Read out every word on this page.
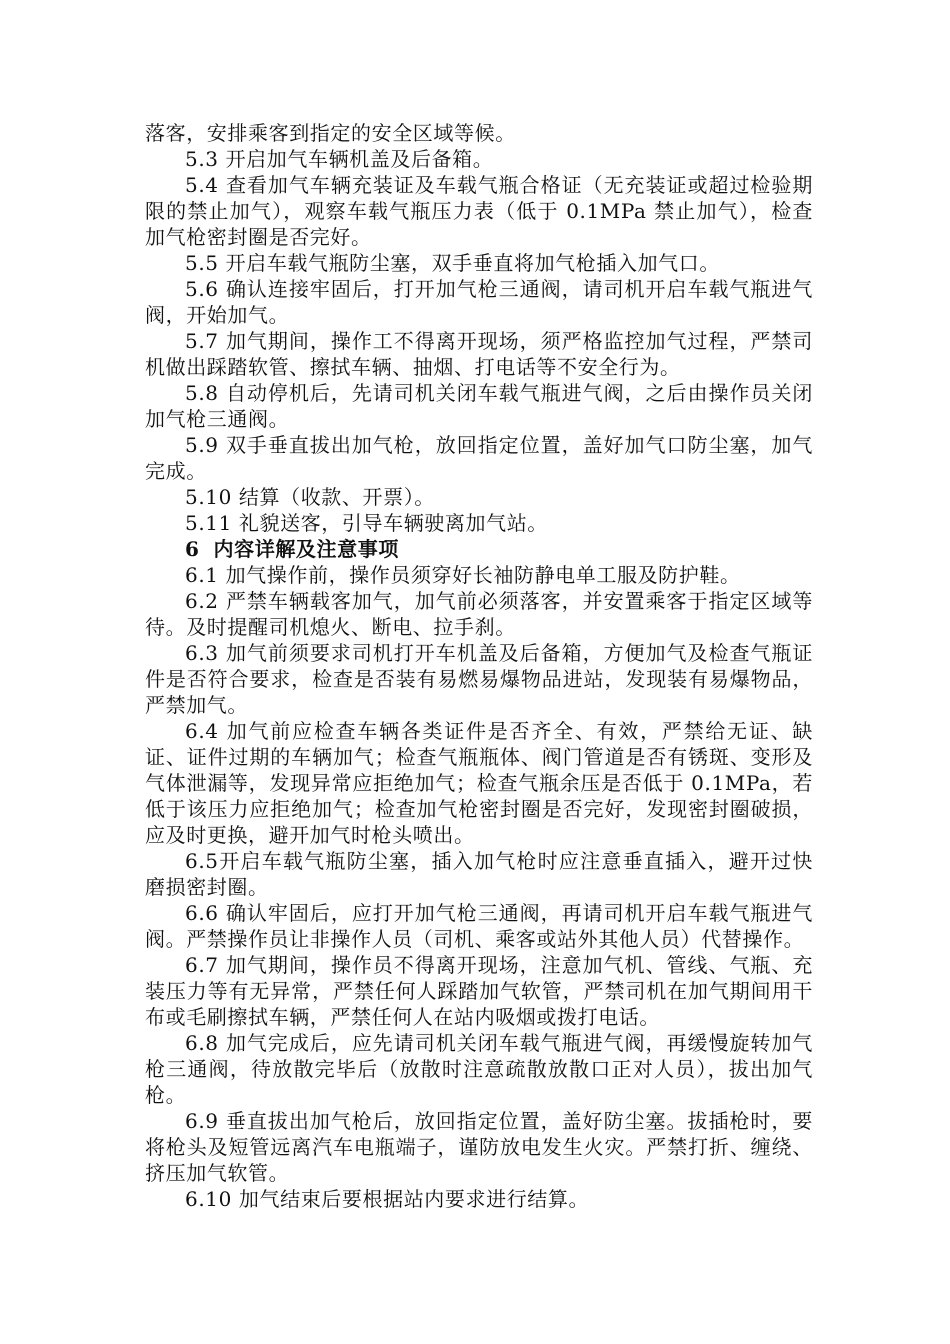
落客，安排乘客到指定的安全区域等候。

5.3 开启加气车辆机盖及后备箱。

5.4 查看加气车辆充装证及车载气瓶合格证（无充装证或超过检验期限的禁止加气），观察车载气瓶压力表（低于 0.1MPa 禁止加气），检查加气枪密封圈是否完好。

5.5 开启车载气瓶防尘塞，双手垂直将加气枪插入加气口。

5.6 确认连接牢固后，打开加气枪三通阀，请司机开启车载气瓶进气阀，开始加气。

5.7 加气期间，操作工不得离开现场，须严格监控加气过程，严禁司机做出踩踏软管、擦拭车辆、抽烟、打电话等不安全行为。

5.8 自动停机后，先请司机关闭车载气瓶进气阀，之后由操作员关闭加气枪三通阀。

5.9 双手垂直拔出加气枪，放回指定位置，盖好加气口防尘塞，加气完成。

5.10 结算（收款、开票）。

5.11 礼貌送客，引导车辆驶离加气站。

6 内容详解及注意事项

6.1 加气操作前，操作员须穿好长袖防静电单工服及防护鞋。

6.2 严禁车辆载客加气，加气前必须落客，并安置乘客于指定区域等待。及时提醒司机熄火、断电、拉手刹。

6.3 加气前须要求司机打开车机盖及后备箱，方便加气及检查气瓶证件是否符合要求，检查是否装有易燃易爆物品进站，发现装有易爆物品，严禁加气。

6.4 加气前应检查车辆各类证件是否齐全、有效，严禁给无证、缺证、证件过期的车辆加气；检查气瓶瓶体、阀门管道是否有锈斑、变形及气体泄漏等，发现异常应拒绝加气；检查气瓶余压是否低于 0.1MPa，若低于该压力应拒绝加气；检查加气枪密封圈是否完好，发现密封圈破损，应及时更换，避开加气时枪头喷出。

6.5开启车载气瓶防尘塞，插入加气枪时应注意垂直插入，避开过快磨损密封圈。

6.6 确认牢固后，应打开加气枪三通阀，再请司机开启车载气瓶进气阀。严禁操作员让非操作人员（司机、乘客或站外其他人员）代替操作。

6.7 加气期间，操作员不得离开现场，注意加气机、管线、气瓶、充装压力等有无异常，严禁任何人踩踏加气软管，严禁司机在加气期间用干布或毛刷擦拭车辆，严禁任何人在站内吸烟或拨打电话。

6.8 加气完成后，应先请司机关闭车载气瓶进气阀，再缓慢旋转加气枪三通阀，待放散完毕后（放散时注意疏散放散口正对人员），拔出加气枪。

6.9 垂直拔出加气枪后，放回指定位置，盖好防尘塞。拔插枪时，要将枪头及短管远离汽车电瓶端子，谨防放电发生火灾。严禁打折、缠绕、挤压加气软管。

6.10 加气结束后要根据站内要求进行结算。
